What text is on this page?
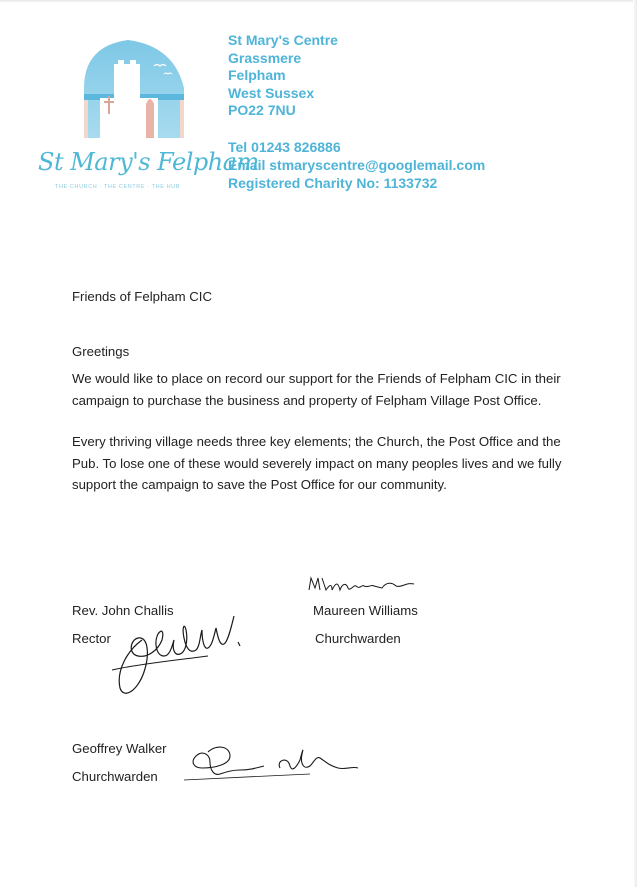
St Mary's Felpham
THE CHURCH · THE CENTRE · THE HUB
St Mary's Centre
Grassmere
Felpham
West Sussex
PO22 7NU
Tel 01243 826886
Email stmaryscentre@googlemail.com
Registered Charity No: 1133732
Friends of Felpham CIC
Greetings
We would like to place on record our support for the Friends of Felpham CIC in their campaign to purchase the business and property of Felpham Village Post Office.
Every thriving village needs three key elements; the Church, the Post Office and the Pub. To lose one of these would severely impact on many peoples lives and we fully support the campaign to save the Post Office for our community.
Rev. John Challis
Rector
Maureen Williams
Churchwarden
Geoffrey Walker
Churchwarden
